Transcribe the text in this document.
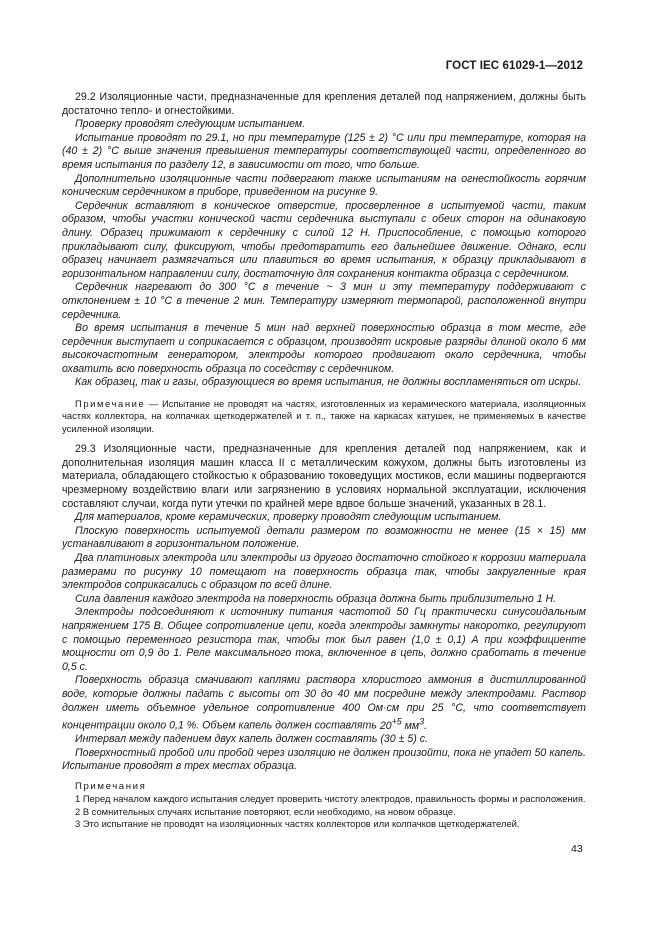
ГОСТ IEC 61029-1—2012

29.2 Изоляционные части, предназначенные для крепления деталей под напряжением, должны быть достаточно тепло- и огнестойкими.

Проверку проводят следующим испытанием.

Испытание проводят по 29.1, но при температуре (125 ± 2) °C или при температуре, которая на (40 ± 2) °C выше значения превышения температуры соответствующей части, определенного во время испытания по разделу 12, в зависимости от того, что больше.

Дополнительно изоляционные части подвергают также испытаниям на огнестойкость горячим коническим сердечником в приборе, приведенном на рисунке 9.

Сердечник вставляют в коническое отверстие, просверленное в испытуемой части, таким образом, чтобы участки конической части сердечника выступали с обеих сторон на одинаковую длину. Образец прижимают к сердечнику с силой 12 Н. Приспособление, с помощью которого прикладывают силу, фиксируют, чтобы предотвратить его дальнейшее движение. Однако, если образец начинает размягчаться или плавиться во время испытания, к образцу прикладывают в горизонтальном направлении силу, достаточную для сохранения контакта образца с сердечником.

Сердечник нагревают до 300 °C в течение ~ 3 мин и эту температуру поддерживают с отклонением ± 10 °C в течение 2 мин. Температуру измеряют термопарой, расположенной внутри сердечника.

Во время испытания в течение 5 мин над верхней поверхностью образца в том месте, где сердечник выступает и соприкасается с образцом, производят искровые разряды длиной около 6 мм высокочастотным генератором, электроды которого продвигают около сердечника, чтобы охватить всю поверхность образца по соседству с сердечником.

Как образец, так и газы, образующиеся во время испытания, не должны воспламеняться от искры.

Примечание — Испытание не проводят на частях, изготовленных из керамического материала, изоляционных частях коллектора, на колпачках щеткодержателей и т. п., также на каркасах катушек, не применяемых в качестве усиленной изоляции.

29.3 Изоляционные части, предназначенные для крепления деталей под напряжением, как и дополнительная изоляция машин класса II с металлическим кожухом, должны быть изготовлены из материала, обладающего стойкостью к образованию токоведущих мостиков, если машины подвергаются чрезмерному воздействию влаги или загрязнению в условиях нормальной эксплуатации, исключения составляют случаи, когда пути утечки по крайней мере вдвое больше значений, указанных в 28.1.

Для материалов, кроме керамических, проверку проводят следующим испытанием.

Плоскую поверхность испытуемой детали размером по возможности не менее (15 × 15) мм устанавливают в горизонтальном положение.

Два платиновых электрода или электроды из другого достаточно стойкого к коррозии материала размерами по рисунку 10 помещают на поверхность образца так, чтобы закругленные края электродов соприкасались с образцом по всей длине.

Сила давления каждого электрода на поверхность образца должна быть приблизительно 1 Н.

Электроды подсоединяют к источнику питания частотой 50 Гц практически синусоидальным напряжением 175 В. Общее сопротивление цепи, когда электроды замкнуты накоротко, регулируют с помощью переменного резистора так, чтобы ток был равен (1,0 ± 0,1) А при коэффициенте мощности от 0,9 до 1. Реле максимального тока, включенное в цепь, должно сработать в течение 0,5 с.

Поверхность образца смачивают каплями раствора хлористого аммония в дистиллированной воде, которые должны падать с высоты от 30 до 40 мм посредине между электродами. Раствор должен иметь объемное удельное сопротивление 400 Ом·см при 25 °C, что соответствует концентрации около 0,1 %. Объем капель должен составлять $20^{+5}$ $мм^3$.

Интервал между падением двух капель должен составлять (30 ± 5) с.

Поверхностный пробой или пробой через изоляцию не должен произойти, пока не упадет 50 капель. Испытание проводят в трех местах образца.

Примечания

1 Перед началом каждого испытания следует проверить чистоту электродов, правильность формы и расположения.

2 В сомнительных случаях испытание повторяют, если необходимо, на новом образце.

3 Это испытание не проводят на изоляционных частях коллекторов или колпачков щеткодержателей.

43
